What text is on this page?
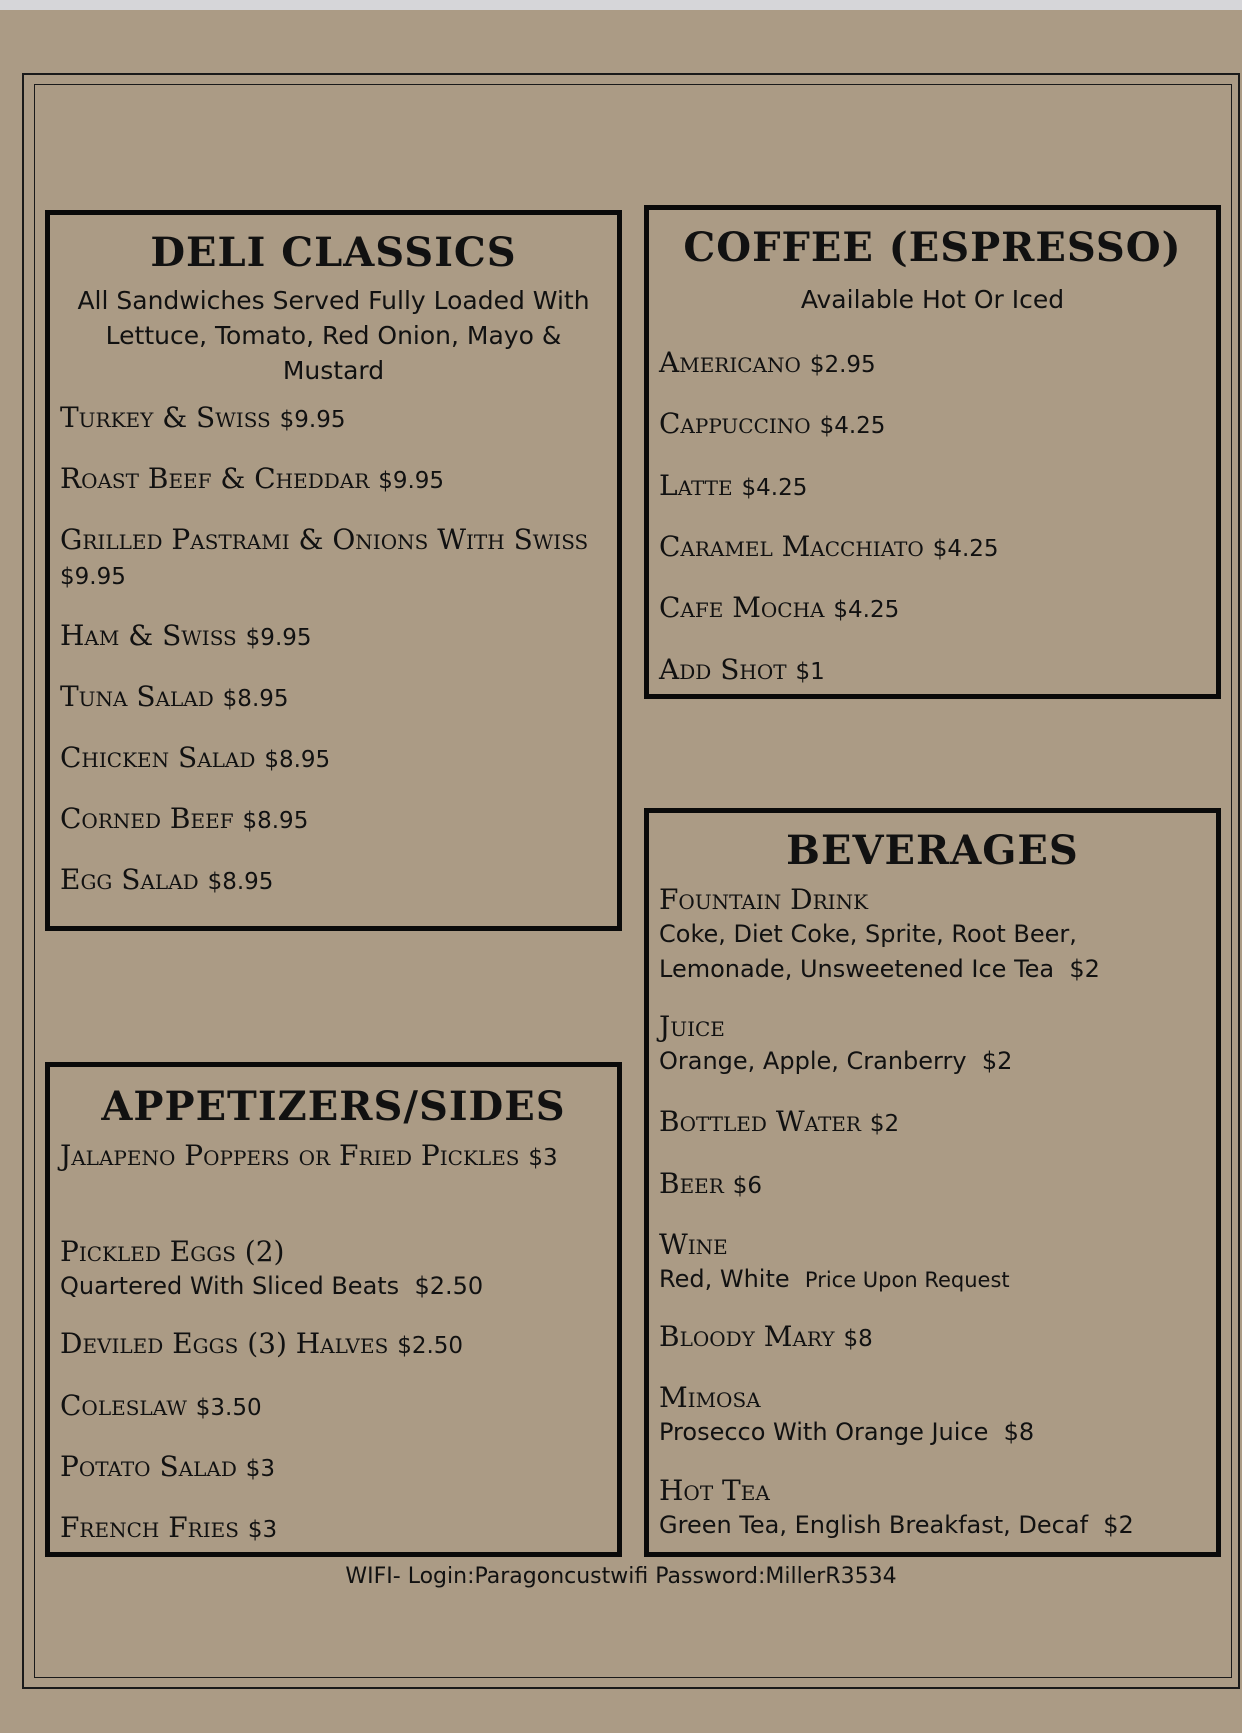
DELI CLASSICS

All Sandwiches Served Fully Loaded With Lettuce, Tomato, Red Onion, Mayo & Mustard

Turkey & Swiss $9.95

Roast Beef & Cheddar $9.95

Grilled Pastrami & Onions With Swiss $9.95

Ham & Swiss $9.95

Tuna Salad $8.95

Chicken Salad $8.95

Corned Beef $8.95

Egg Salad $8.95

COFFEE (ESPRESSO)

Available Hot Or Iced

Americano $2.95

Cappuccino $4.25

Latte $4.25

Caramel Macchiato $4.25

Cafe Mocha $4.25

Add Shot $1

APPETIZERS/SIDES

Jalapeno Poppers or Fried Pickles $3

Pickled Eggs (2)
Quartered With Sliced Beats $2.50

Deviled Eggs (3) Halves $2.50

Coleslaw $3.50

Potato Salad $3

French Fries $3

BEVERAGES

Fountain Drink
Coke, Diet Coke, Sprite, Root Beer, Lemonade, Unsweetened Ice Tea $2

Juice
Orange, Apple, Cranberry $2

Bottled Water $2

Beer $6

Wine
Red, White Price Upon Request

Bloody Mary $8

Mimosa
Prosecco With Orange Juice $8

Hot Tea
Green Tea, English Breakfast, Decaf $2

WIFI- Login:Paragoncustwifi Password:MillerR3534
